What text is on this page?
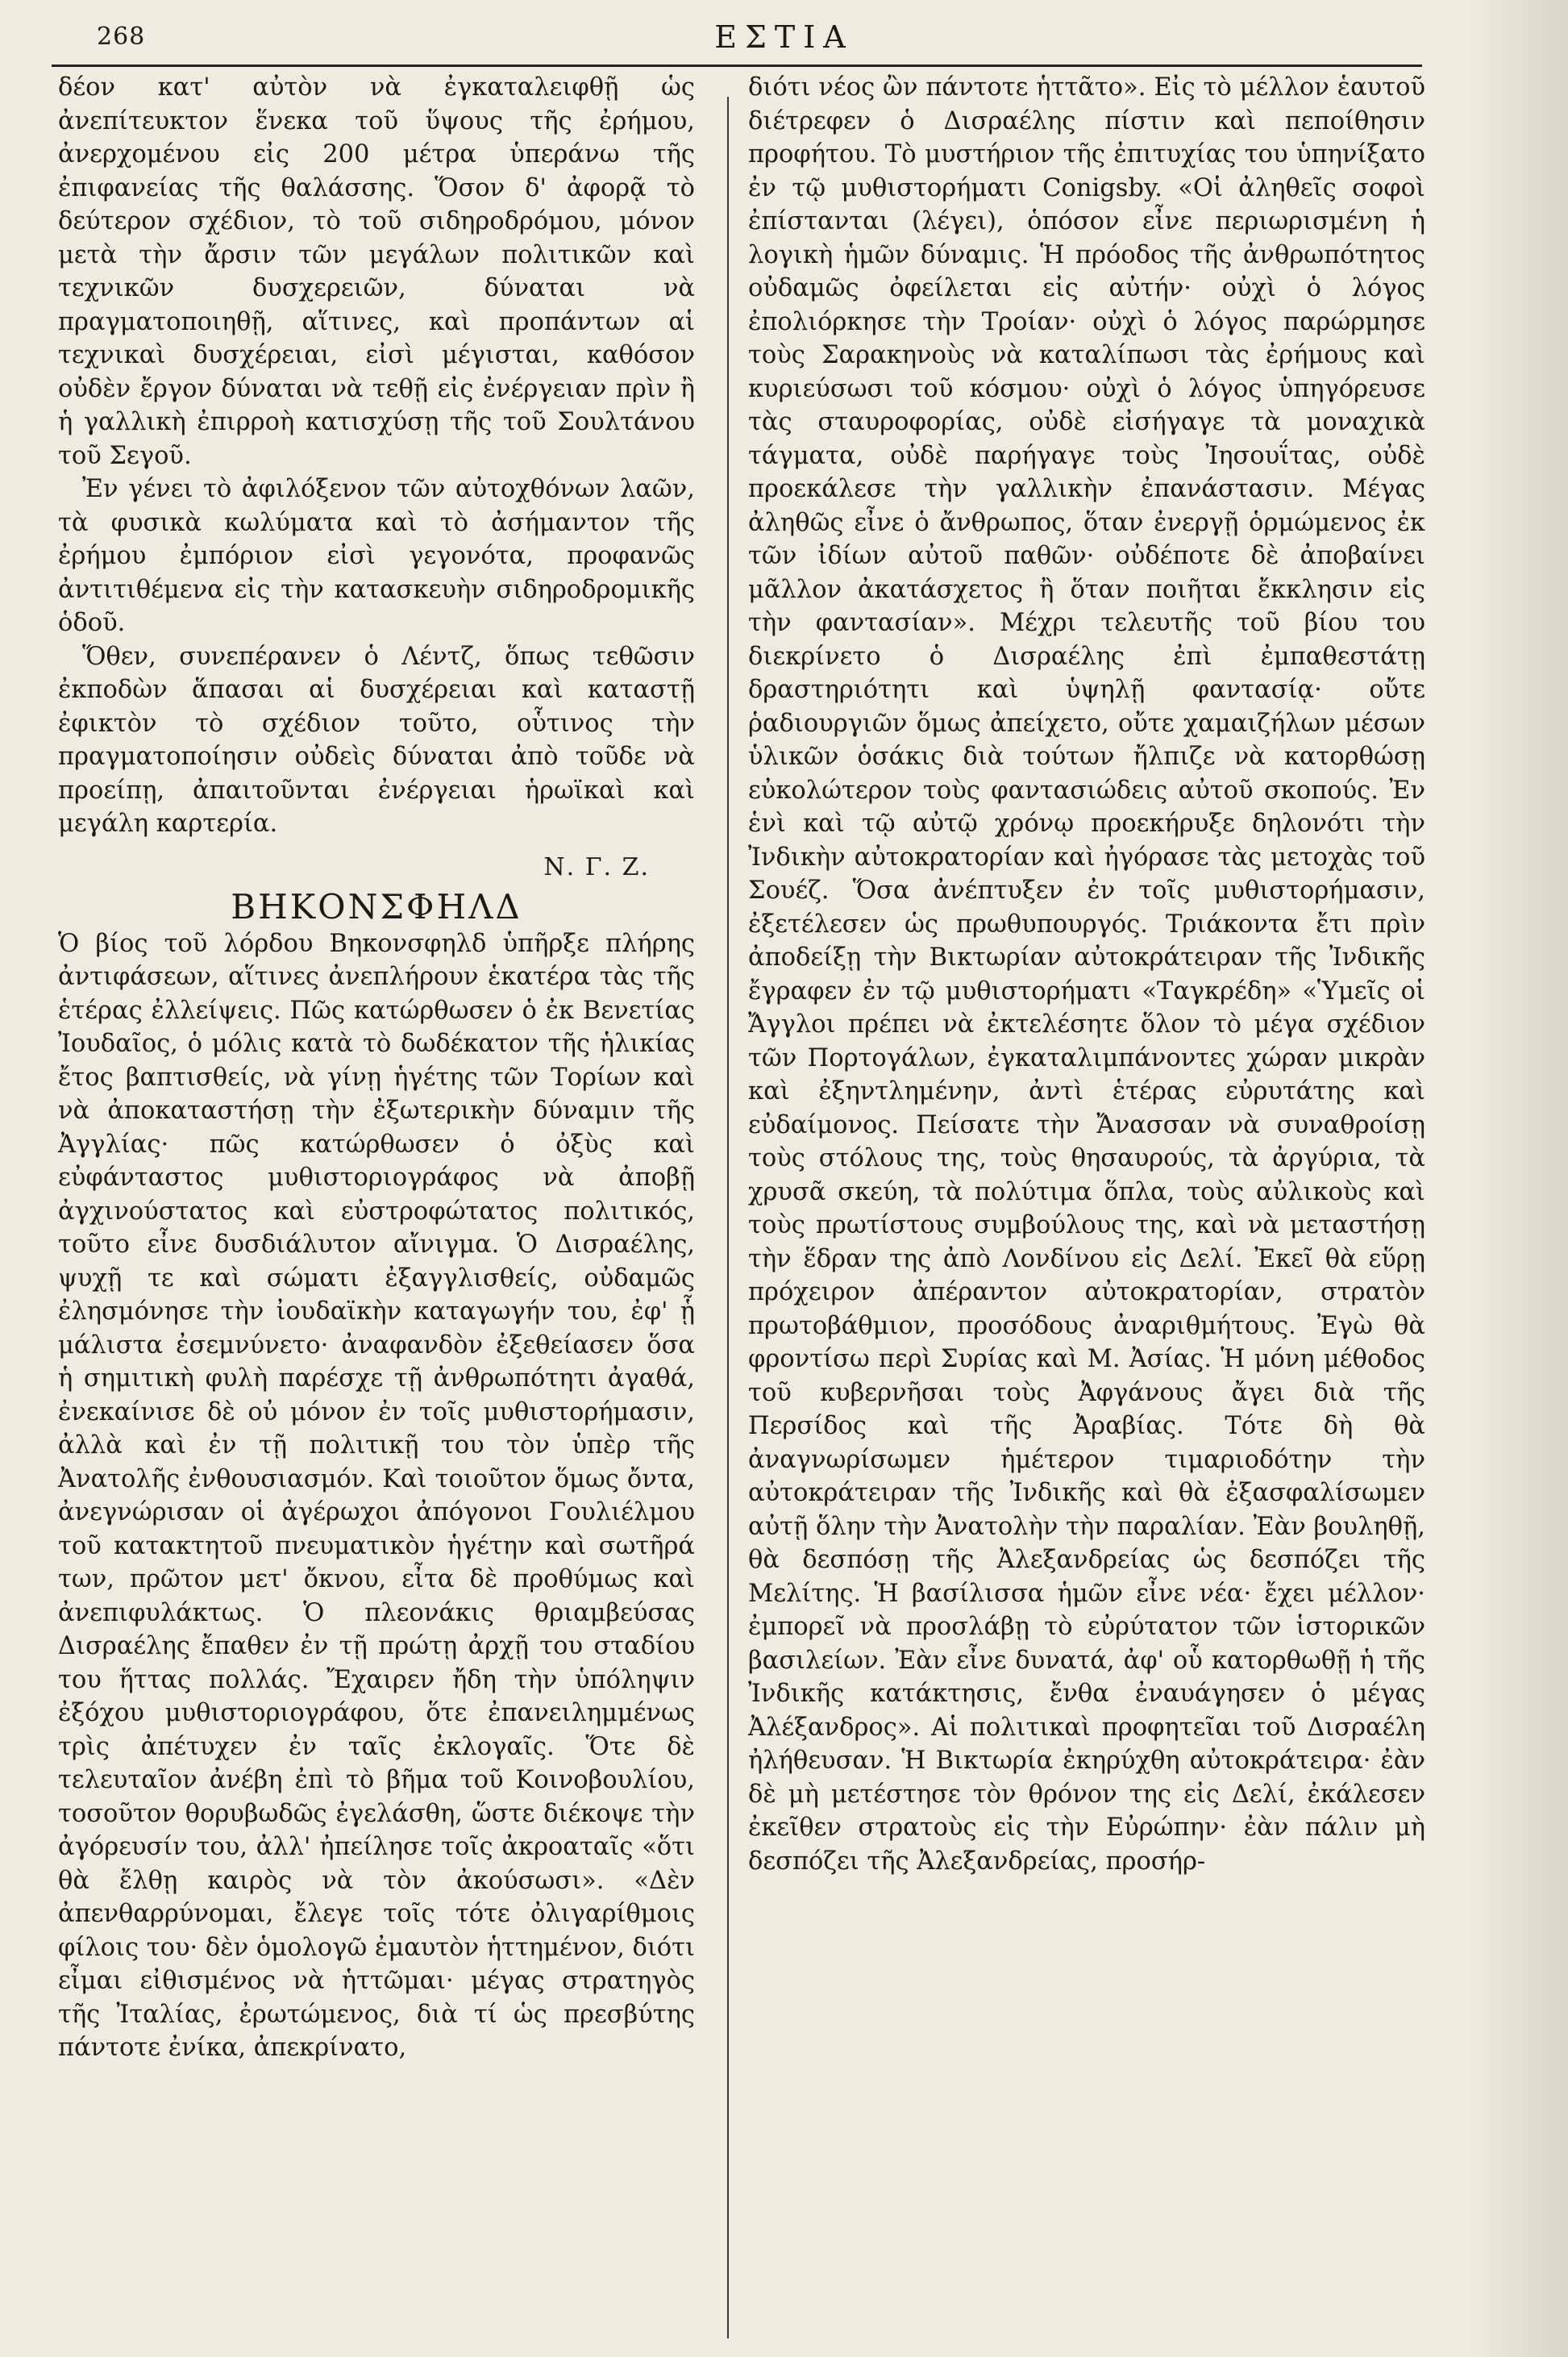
268	ΕΣΤΙΑ

δέον κατ' αὐτὸν νὰ ἐγκαταλειφθῇ ὡς ἀνεπίτευκτον ἕνεκα τοῦ ὕψους τῆς ἐρήμου, ἀνερχομένου εἰς 200 μέτρα ὑπεράνω τῆς ἐπιφανείας τῆς θαλάσσης. Ὅσον δ' ἀφορᾷ τὸ δεύτερον σχέδιον, τὸ τοῦ σιδηροδρόμου, μόνον μετὰ τὴν ἄρσιν τῶν μεγάλων πολιτικῶν καὶ τεχνικῶν δυσχερειῶν, δύναται νὰ πραγματοποιηθῇ, αἵτινες, καὶ προπάντων αἱ τεχνικαὶ δυσχέρειαι, εἰσὶ μέγισται, καθόσον οὐδὲν ἔργον δύναται νὰ τεθῇ εἰς ἐνέργειαν πρὶν ἢ ἡ γαλλικὴ ἐπιρροὴ κατισχύσῃ τῆς τοῦ Σουλτάνου τοῦ Σεγοῦ.

Ἐν γένει τὸ ἀφιλόξενον τῶν αὐτοχθόνων λαῶν, τὰ φυσικὰ κωλύματα καὶ τὸ ἀσήμαντον τῆς ἐρήμου ἐμπόριον εἰσὶ γεγονότα, προφανῶς ἀντιτιθέμενα εἰς τὴν κατασκευὴν σιδηροδρομικῆς ὁδοῦ.

Ὅθεν, συνεπέρανεν ὁ Λέντζ, ὅπως τεθῶσιν ἐκποδὼν ἅπασαι αἱ δυσχέρειαι καὶ καταστῇ ἐφικτὸν τὸ σχέδιον τοῦτο, οὗτινος τὴν πραγματοποίησιν οὐδεὶς δύναται ἀπὸ τοῦδε νὰ προείπῃ, ἀπαιτοῦνται ἐνέργειαι ἡρωϊκαὶ καὶ μεγάλη καρτερία.

Ν. Γ. Ζ.
ΒΗΚΟΝΣΦΗΛΔ

Ὁ βίος τοῦ λόρδου Βηκονσφηλδ ὑπῆρξε πλήρης ἀντιφάσεων, αἵτινες ἀνεπλήρουν ἑκατέρα τὰς τῆς ἑτέρας ἐλλείψεις. Πῶς κατώρθωσεν ὁ ἐκ Βενετίας Ἰουδαῖος, ὁ μόλις κατὰ τὸ δωδέκατον τῆς ἡλικίας ἔτος βαπτισθείς, νὰ γίνῃ ἡγέτης τῶν Τορίων καὶ νὰ ἀποκαταστήσῃ τὴν ἐξωτερικὴν δύναμιν τῆς Ἀγγλίας· πῶς κατώρθωσεν ὁ ὀξὺς καὶ εὐφάνταστος μυθιστοριογράφος νὰ ἀποβῇ ἀγχινούστατος καὶ εὐστροφώτατος πολιτικός, τοῦτο εἶνε δυσδιάλυτον αἴνιγμα. Ὁ Δισραέλης, ψυχῇ τε καὶ σώματι ἐξαγγλισθείς, οὐδαμῶς ἐλησμόνησε τὴν ἰουδαϊκὴν καταγωγήν του, ἐφ' ᾗ μάλιστα ἐσεμνύνετο· ἀναφανδὸν ἐξεθείασεν ὅσα ἡ σημιτικὴ φυλὴ παρέσχε τῇ ἀνθρωπότητι ἀγαθά, ἐνεκαίνισε δὲ οὐ μόνον ἐν τοῖς μυθιστορήμασιν, ἀλλὰ καὶ ἐν τῇ πολιτικῇ του τὸν ὑπὲρ τῆς Ἀνατολῆς ἐνθουσιασμόν. Καὶ τοιοῦτον ὅμως ὄντα, ἀνεγνώρισαν οἱ ἀγέρωχοι ἀπόγονοι Γουλιέλμου τοῦ κατακτητοῦ πνευματικὸν ἡγέτην καὶ σωτῆρά των, πρῶτον μετ' ὄκνου, εἶτα δὲ προθύμως καὶ ἀνεπιφυλάκτως. Ὁ πλεονάκις θριαμβεύσας Δισραέλης ἔπαθεν ἐν τῇ πρώτῃ ἀρχῇ του σταδίου του ἥττας πολλάς. Ἔχαιρεν ἤδη τὴν ὑπόληψιν ἐξόχου μυθιστοριογράφου, ὅτε ἐπανειλημμένως τρὶς ἀπέτυχεν ἐν ταῖς ἐκλογαῖς. Ὅτε δὲ τελευταῖον ἀνέβη ἐπὶ τὸ βῆμα τοῦ Κοινοβουλίου, τοσοῦτον θορυβωδῶς ἐγελάσθη, ὥστε διέκοψε τὴν ἀγόρευσίν του, ἀλλ' ἠπείλησε τοῖς ἀκροαταῖς «ὅτι θὰ ἔλθῃ καιρὸς νὰ τὸν ἀκούσωσι». «Δὲν ἀπενθαρρύνομαι, ἔλεγε τοῖς τότε ὀλιγαρίθμοις φίλοις του· δὲν ὁμολογῶ ἐμαυτὸν ἡττημένον, διότι εἶμαι εἰθισμένος νὰ ἡττῶμαι· μέγας στρατηγὸς τῆς Ἰταλίας, ἐρωτώμενος, διὰ τί ὡς πρεσβύτης πάντοτε ἐνίκα, ἀπεκρίνατο,

διότι νέος ὢν πάντοτε ἡττᾶτο». Εἰς τὸ μέλλον ἑαυτοῦ διέτρεφεν ὁ Δισραέλης πίστιν καὶ πεποίθησιν προφήτου. Τὸ μυστήριον τῆς ἐπιτυχίας του ὑπηνίξατο ἐν τῷ μυθιστορήματι Conigsby. «Οἱ ἀληθεῖς σοφοὶ ἐπίστανται (λέγει), ὁπόσον εἶνε περιωρισμένη ἡ λογικὴ ἡμῶν δύναμις. Ἡ πρόοδος τῆς ἀνθρωπότητος οὐδαμῶς ὀφείλεται εἰς αὐτήν· οὐχὶ ὁ λόγος ἐπολιόρκησε τὴν Τροίαν· οὐχὶ ὁ λόγος παρώρμησε τοὺς Σαρακηνοὺς νὰ καταλίπωσι τὰς ἐρήμους καὶ κυριεύσωσι τοῦ κόσμου· οὐχὶ ὁ λόγος ὑπηγόρευσε τὰς σταυροφορίας, οὐδὲ εἰσήγαγε τὰ μοναχικὰ τάγματα, οὐδὲ παρήγαγε τοὺς Ἰησουΐτας, οὐδὲ προεκάλεσε τὴν γαλλικὴν ἐπανάστασιν. Μέγας ἀληθῶς εἶνε ὁ ἄνθρωπος, ὅταν ἐνεργῇ ὁρμώμενος ἐκ τῶν ἰδίων αὐτοῦ παθῶν· οὐδέποτε δὲ ἀποβαίνει μᾶλλον ἀκατάσχετος ἢ ὅταν ποιῆται ἔκκλησιν εἰς τὴν φαντασίαν». Μέχρι τελευτῆς τοῦ βίου του διεκρίνετο ὁ Δισραέλης ἐπὶ ἐμπαθεστάτῃ δραστηριότητι καὶ ὑψηλῇ φαντασίᾳ· οὔτε ῥαδιουργιῶν ὅμως ἀπείχετο, οὔτε χαμαιζήλων μέσων ὑλικῶν ὁσάκις διὰ τούτων ἤλπιζε νὰ κατορθώσῃ εὐκολώτερον τοὺς φαντασιώδεις αὐτοῦ σκοπούς. Ἐν ἑνὶ καὶ τῷ αὐτῷ χρόνῳ προεκήρυξε δηλονότι τὴν Ἰνδικὴν αὐτοκρατορίαν καὶ ἠγόρασε τὰς μετοχὰς τοῦ Σουέζ. Ὅσα ἀνέπτυξεν ἐν τοῖς μυθιστορήμασιν, ἐξετέλεσεν ὡς πρωθυπουργός. Τριάκοντα ἔτι πρὶν ἀποδείξῃ τὴν Βικτωρίαν αὐτοκράτειραν τῆς Ἰνδικῆς ἔγραφεν ἐν τῷ μυθιστορήματι «Ταγκρέδη» «Ὑμεῖς οἱ Ἄγγλοι πρέπει νὰ ἐκτελέσητε ὅλον τὸ μέγα σχέδιον τῶν Πορτογάλων, ἐγκαταλιμπάνοντες χώραν μικρὰν καὶ ἐξηντλημένην, ἀντὶ ἑτέρας εὐρυτάτης καὶ εὐδαίμονος. Πείσατε τὴν Ἄνασσαν νὰ συναθροίσῃ τοὺς στόλους της, τοὺς θησαυρούς, τὰ ἀργύρια, τὰ χρυσᾶ σκεύη, τὰ πολύτιμα ὅπλα, τοὺς αὐλικοὺς καὶ τοὺς πρωτίστους συμβούλους της, καὶ νὰ μεταστήσῃ τὴν ἕδραν της ἀπὸ Λονδίνου εἰς Δελί. Ἐκεῖ θὰ εὕρῃ πρόχειρον ἀπέραντον αὐτοκρατορίαν, στρατὸν πρωτοβάθμιον, προσόδους ἀναριθμήτους. Ἐγὼ θὰ φροντίσω περὶ Συρίας καὶ Μ. Ἀσίας. Ἡ μόνη μέθοδος τοῦ κυβερνῆσαι τοὺς Ἀφγάνους ἄγει διὰ τῆς Περσίδος καὶ τῆς Ἀραβίας. Τότε δὴ θὰ ἀναγνωρίσωμεν ἡμέτερον τιμαριοδότην τὴν αὐτοκράτειραν τῆς Ἰνδικῆς καὶ θὰ ἐξασφαλίσωμεν αὐτῇ ὅλην τὴν Ἀνατολὴν τὴν παραλίαν. Ἐὰν βουληθῇ, θὰ δεσπόσῃ τῆς Ἀλεξανδρείας ὡς δεσπόζει τῆς Μελίτης. Ἡ βασίλισσα ἡμῶν εἶνε νέα· ἔχει μέλλον· ἐμπορεῖ νὰ προσλάβῃ τὸ εὐρύτατον τῶν ἱστορικῶν βασιλείων. Ἐὰν εἶνε δυνατά, ἀφ' οὗ κατορθωθῇ ἡ τῆς Ἰνδικῆς κατάκτησις, ἔνθα ἐναυάγησεν ὁ μέγας Ἀλέξανδρος». Αἱ πολιτικαὶ προφητεῖαι τοῦ Δισραέλη ἠλήθευσαν. Ἡ Βικτωρία ἐκηρύχθη αὐτοκράτειρα· ἐὰν δὲ μὴ μετέστησε τὸν θρόνον της εἰς Δελί, ἐκάλεσεν ἐκεῖθεν στρατοὺς εἰς τὴν Εὐρώπην· ἐὰν πάλιν μὴ δεσπόζει τῆς Ἀλεξανδρείας, προσήρ-
